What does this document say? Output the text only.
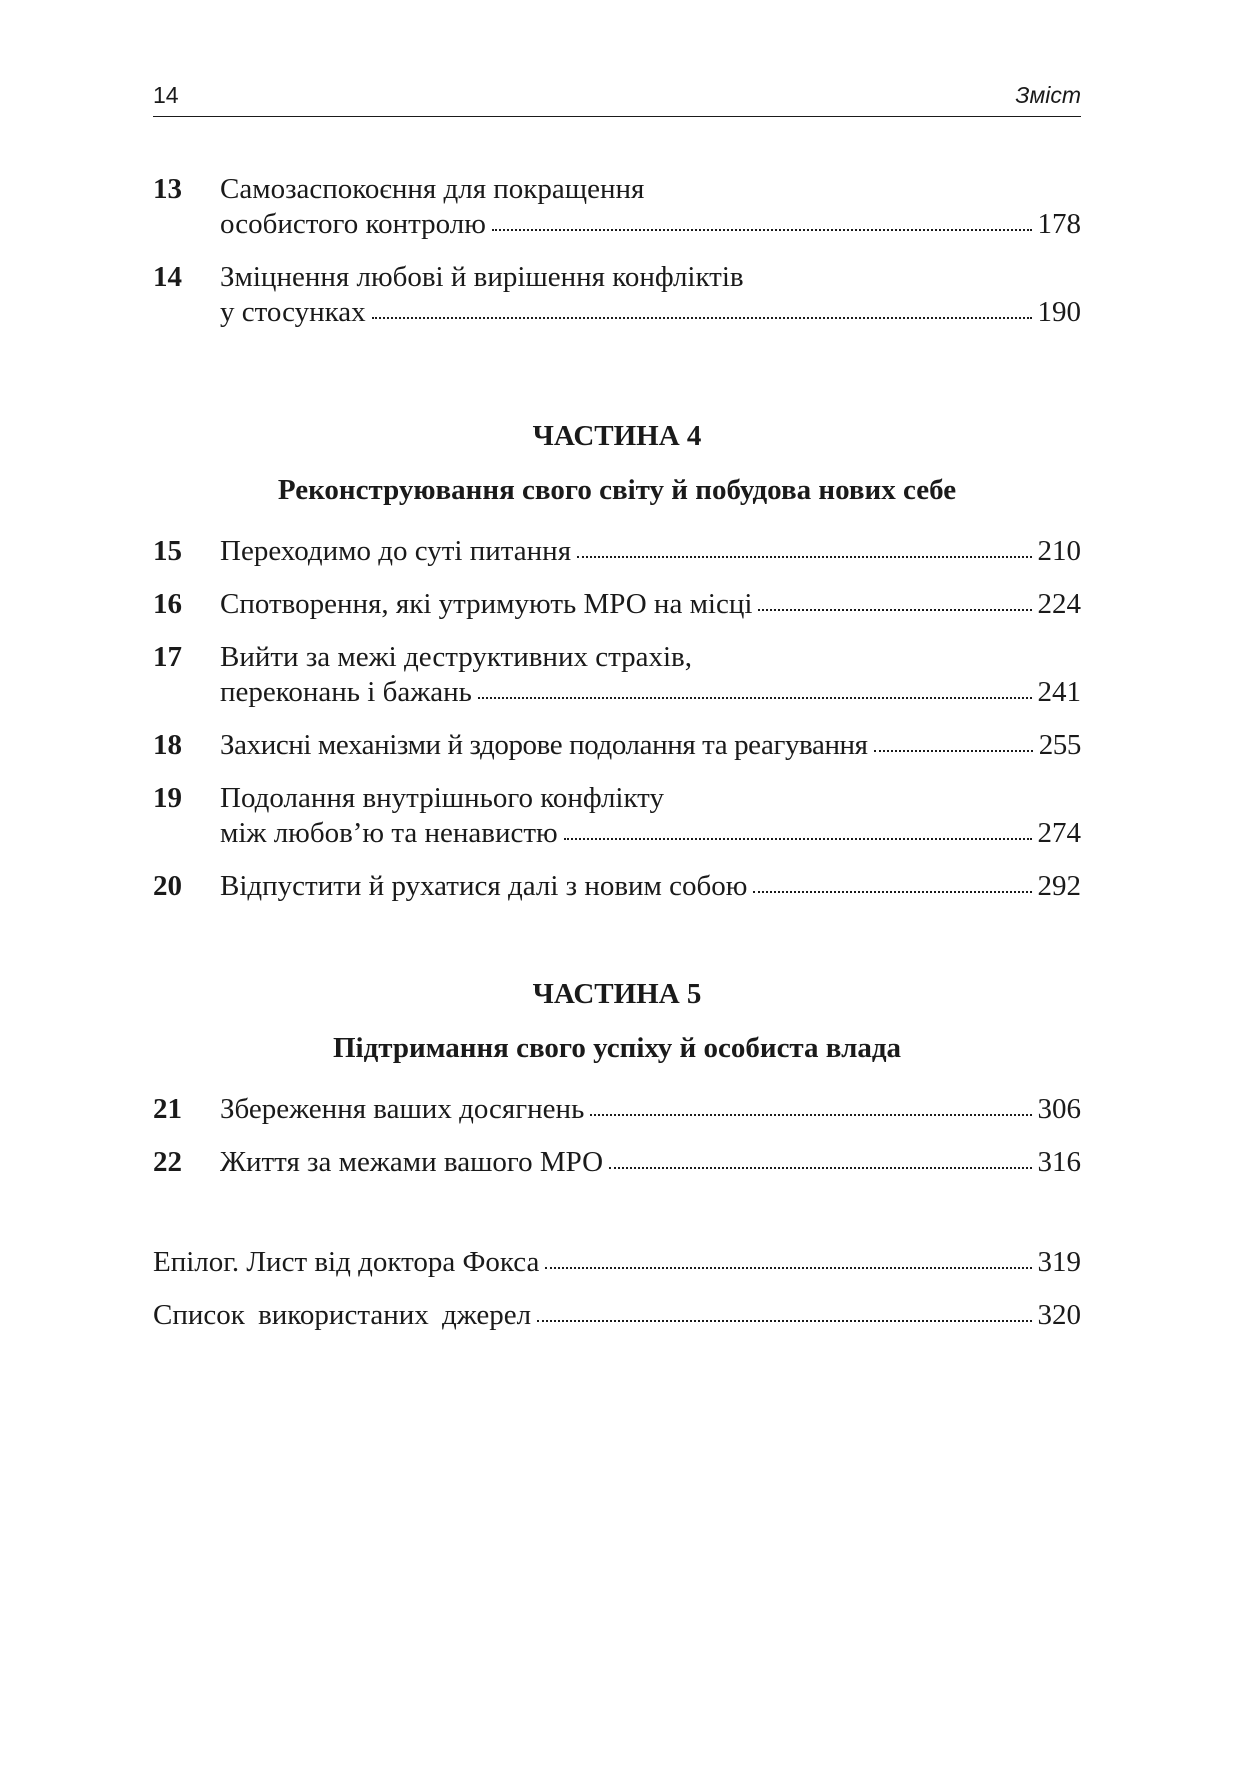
14	Зміст
13	Самозаспокоєння для покращення
особистого контролю	178
14	Зміцнення любові й вирішення конфліктів
у стосунках	190
ЧАСТИНА 4
Реконструювання свого світу й побудова нових себе
15	Переходимо до суті питання	210
16	Спотворення, які утримують МРО на місці	224
17	Вийти за межі деструктивних страхів,
переконань і бажань	241
18	Захисні механізми й здорове подолання та реагування	255
19	Подолання внутрішнього конфлікту
між любов’ю та ненавистю	274
20	Відпустити й рухатися далі з новим собою	292
ЧАСТИНА 5
Підтримання свого успіху й особиста влада
21	Збереження ваших досягнень	306
22	Життя за межами вашого МРО	316
Епілог. Лист від доктора Фокса	319
Список використаних джерел	320
